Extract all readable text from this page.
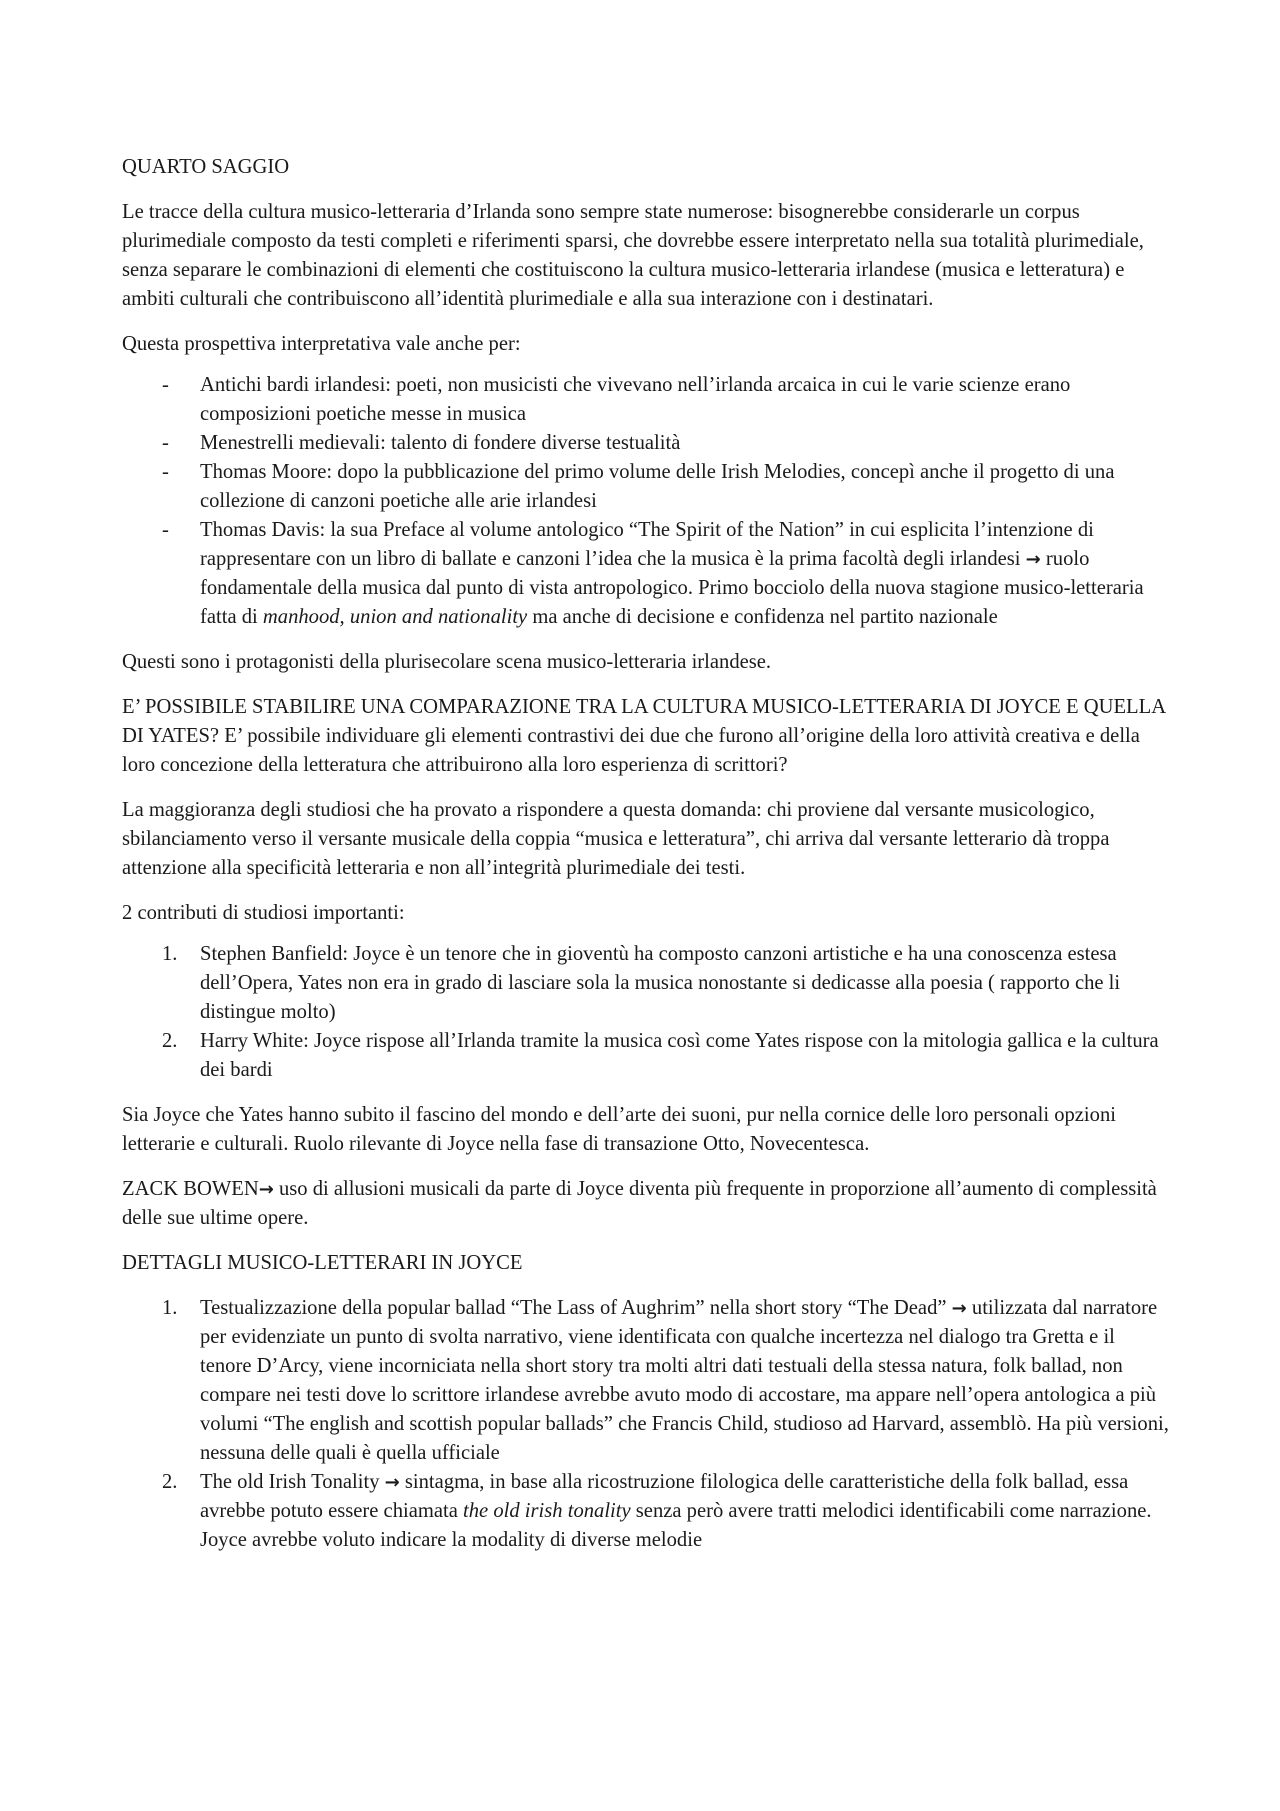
QUARTO SAGGIO

Le tracce della cultura musico-letteraria d’Irlanda sono sempre state numerose: bisognerebbe considerarle un corpus plurimediale composto da testi completi e riferimenti sparsi, che dovrebbe essere interpretato nella sua totalità plurimediale, senza separare le combinazioni di elementi che costituiscono la cultura musico-letteraria irlandese (musica e letteratura) e ambiti culturali che contribuiscono all’identità plurimediale e alla sua interazione con i destinatari.

Questa prospettiva interpretativa vale anche per:

- Antichi bardi irlandesi: poeti, non musicisti che vivevano nell’irlanda arcaica in cui le varie scienze erano composizioni poetiche messe in musica
- Menestrelli medievali: talento di fondere diverse testualità
- Thomas Moore: dopo la pubblicazione del primo volume delle Irish Melodies, concepì anche il progetto di una collezione di canzoni poetiche alle arie irlandesi
- Thomas Davis: la sua Preface al volume antologico “The Spirit of the Nation” in cui esplicita l’intenzione di rappresentare con un libro di ballate e canzoni l’idea che la musica è la prima facoltà degli irlandesi → ruolo fondamentale della musica dal punto di vista antropologico. Primo bocciolo della nuova stagione musico-letteraria fatta di manhood, union and nationality ma anche di decisione e confidenza nel partito nazionale

Questi sono i protagonisti della plurisecolare scena musico-letteraria irlandese.

E’ POSSIBILE STABILIRE UNA COMPARAZIONE TRA LA CULTURA MUSICO-LETTERARIA DI JOYCE E QUELLA DI YATES? E’ possibile individuare gli elementi contrastivi dei due che furono all’origine della loro attività creativa e della loro concezione della letteratura che attribuirono alla loro esperienza di scrittori?

La maggioranza degli studiosi che ha provato a rispondere a questa domanda: chi proviene dal versante musicologico, sbilanciamento verso il versante musicale della coppia “musica e letteratura”, chi arriva dal versante letterario dà troppa attenzione alla specificità letteraria e non all’integrità plurimediale dei testi.

2 contributi di studiosi importanti:

1. Stephen Banfield: Joyce è un tenore che in gioventù ha composto canzoni artistiche e ha una conoscenza estesa dell’Opera, Yates non era in grado di lasciare sola la musica nonostante si dedicasse alla poesia ( rapporto che li distingue molto)
2. Harry White: Joyce rispose all’Irlanda tramite la musica così come Yates rispose con la mitologia gallica e la cultura dei bardi

Sia Joyce che Yates hanno subito il fascino del mondo e dell’arte dei suoni, pur nella cornice delle loro personali opzioni letterarie e culturali. Ruolo rilevante di Joyce nella fase di transazione Otto, Novecentesca.

ZACK BOWEN→ uso di allusioni musicali da parte di Joyce diventa più frequente in proporzione all’aumento di complessità delle sue ultime opere.

DETTAGLI MUSICO-LETTERARI IN JOYCE

1. Testualizzazione della popular ballad “The Lass of Aughrim” nella short story “The Dead” → utilizzata dal narratore per evidenziate un punto di svolta narrativo, viene identificata con qualche incertezza nel dialogo tra Gretta e il tenore D’Arcy, viene incorniciata nella short story tra molti altri dati testuali della stessa natura, folk ballad, non compare nei testi dove lo scrittore irlandese avrebbe avuto modo di accostare, ma appare nell’opera antologica a più volumi “The english and scottish popular ballads” che Francis Child, studioso ad Harvard, assemblò. Ha più versioni, nessuna delle quali è quella ufficiale
2. The old Irish Tonality → sintagma, in base alla ricostruzione filologica delle caratteristiche della folk ballad, essa avrebbe potuto essere chiamata the old irish tonality senza però avere tratti melodici identificabili come narrazione. Joyce avrebbe voluto indicare la modality di diverse melodie
